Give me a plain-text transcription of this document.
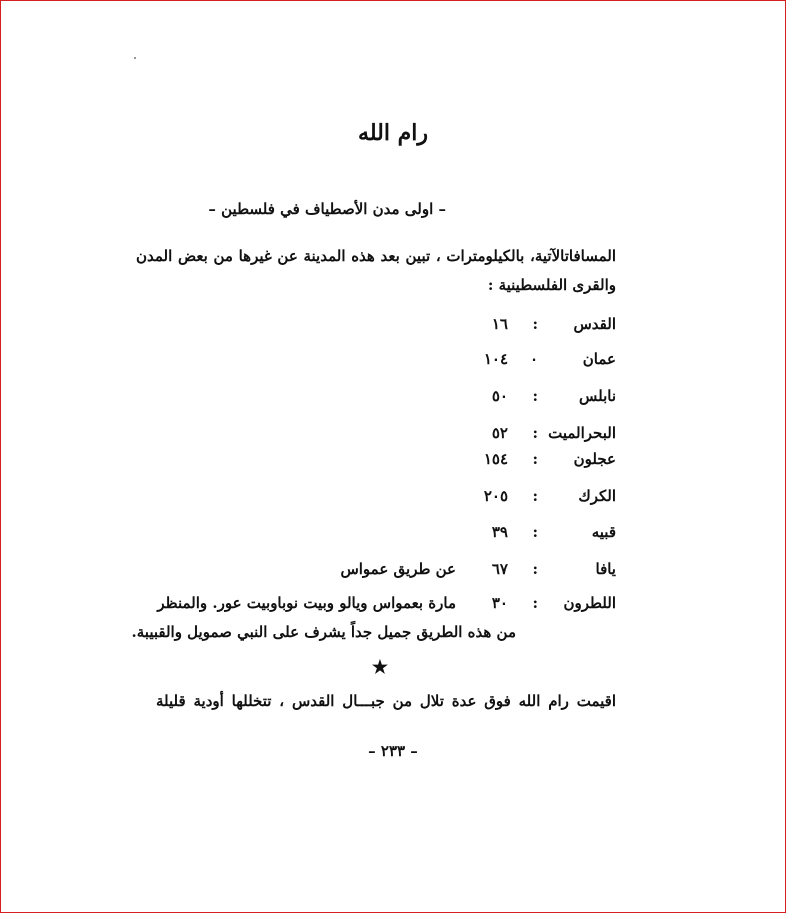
رام الله
– اولى مدن الأصطياف في فلسطين –
المسافاتالآتية، بالكيلومترات ، تبين بعد هذه المدينة عن غيرها من بعض المدن والقرى الفلسطينية :
القدس
:
١٦
عمان
٠
١٠٤
نابلس
:
٥٠
البحرالميت
:
٥٢
عجلون
:
١٥٤
الكرك
:
٢٠٥
قبيه
:
٣٩
يافا
:
٦٧
عن طريق عمواس
اللطرون
:
٣٠
مارة بعمواس ويالو وبيت نوباوبيت عور. والمنظر
من هذه الطريق جميل جداً يشرف على النبي صمويل والقبيبة.
★
اقيمت رام الله فوق عدة تلال من جبـــال القدس ، تتخللها أودية قليلة
– ٢٣٣ –
